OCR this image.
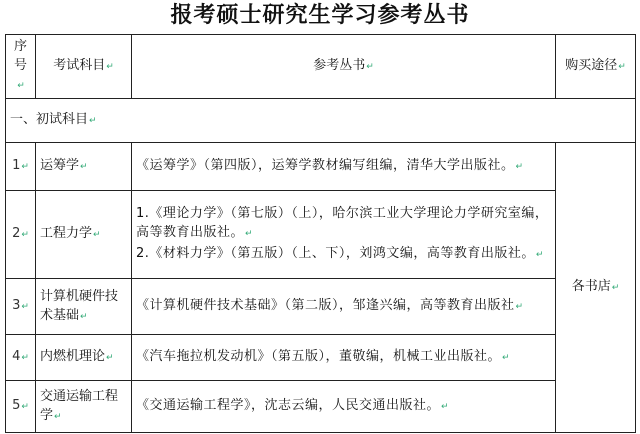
报考硕士研究生学习参考丛书
序号↵	考试科目↵	参考丛书↵	购买途径↵
一、初试科目↵			
1↵	运筹学↵	《运筹学》（第四版），运筹学教材编写组编，清华大学出版社。↵	各书店↵
2↵	工程力学↵	1.《理论力学》（第七版）（上），哈尔滨工业大学理论力学研究室编，高等教育出版社。↵
2.《材料力学》（第五版）（上、下），刘鸿文编，高等教育出版社。↵	
3↵	计算机硬件技术基础↵	《计算机硬件技术基础》（第二版），邹逢兴编，高等教育出版社↵	
4↵	内燃机理论↵	《汽车拖拉机发动机》（第五版），董敬编，机械工业出版社。↵	
5↵	交通运输工程学↵	《交通运输工程学》，沈志云编，人民交通出版社。↵	
